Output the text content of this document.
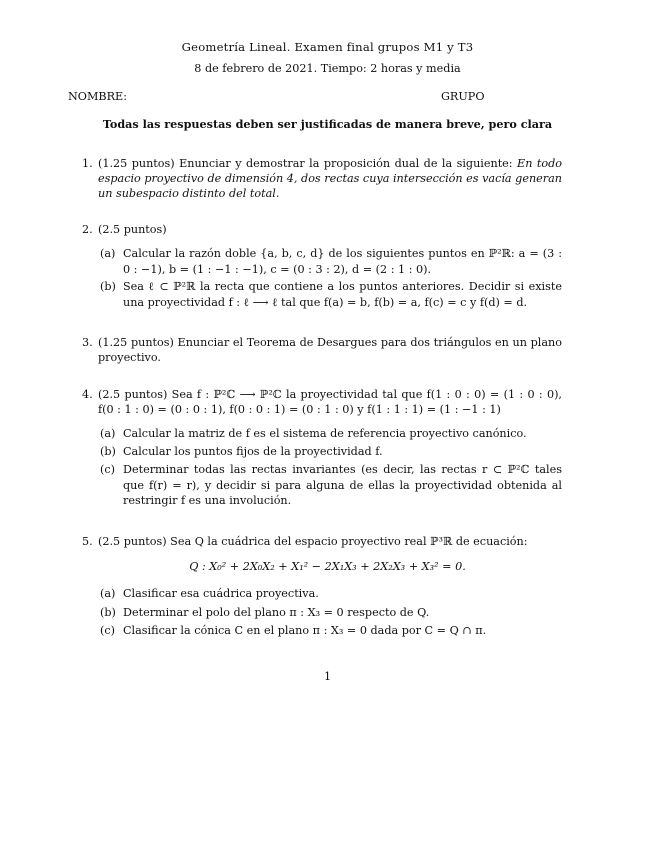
Geometría Lineal. Examen final grupos M1 y T3
8 de febrero de 2021. Tiempo: 2 horas y media
NOMBRE:	GRUPO
Todas las respuestas deben ser justificadas de manera breve, pero clara
1. (1.25 puntos) Enunciar y demostrar la proposición dual de la siguiente: En todo espacio proyectivo de dimensión 4, dos rectas cuya intersección es vacía generan un subespacio distinto del total.
2. (2.5 puntos)
(a) Calcular la razón doble {a, b, c, d} de los siguientes puntos en ℙ²ℝ: a = (3 : 0 : −1), b = (1 : −1 : −1), c = (0 : 3 : 2), d = (2 : 1 : 0).
(b) Sea ℓ ⊂ ℙ²ℝ la recta que contiene a los puntos anteriores. Decidir si existe una proyectividad f : ℓ ⟶ ℓ tal que f(a) = b, f(b) = a, f(c) = c y f(d) = d.
3. (1.25 puntos) Enunciar el Teorema de Desargues para dos triángulos en un plano proyectivo.
4. (2.5 puntos) Sea f : ℙ²ℂ ⟶ ℙ²ℂ la proyectividad tal que f(1 : 0 : 0) = (1 : 0 : 0), f(0 : 1 : 0) = (0 : 0 : 1), f(0 : 0 : 1) = (0 : 1 : 0) y f(1 : 1 : 1) = (1 : −1 : 1)
(a) Calcular la matriz de f es el sistema de referencia proyectivo canónico.
(b) Calcular los puntos fijos de la proyectividad f.
(c) Determinar todas las rectas invariantes (es decir, las rectas r ⊂ ℙ²ℂ tales que f(r) = r), y decidir si para alguna de ellas la proyectividad obtenida al restringir f es una involución.
5. (2.5 puntos) Sea Q la cuádrica del espacio proyectivo real ℙ³ℝ de ecuación:
Q : X₀² + 2X₀X₂ + X₁² − 2X₁X₃ + 2X₂X₃ + X₃² = 0.
(a) Clasificar esa cuádrica proyectiva.
(b) Determinar el polo del plano π : X₃ = 0 respecto de Q.
(c) Clasificar la cónica C en el plano π : X₃ = 0 dada por C = Q ∩ π.
1
